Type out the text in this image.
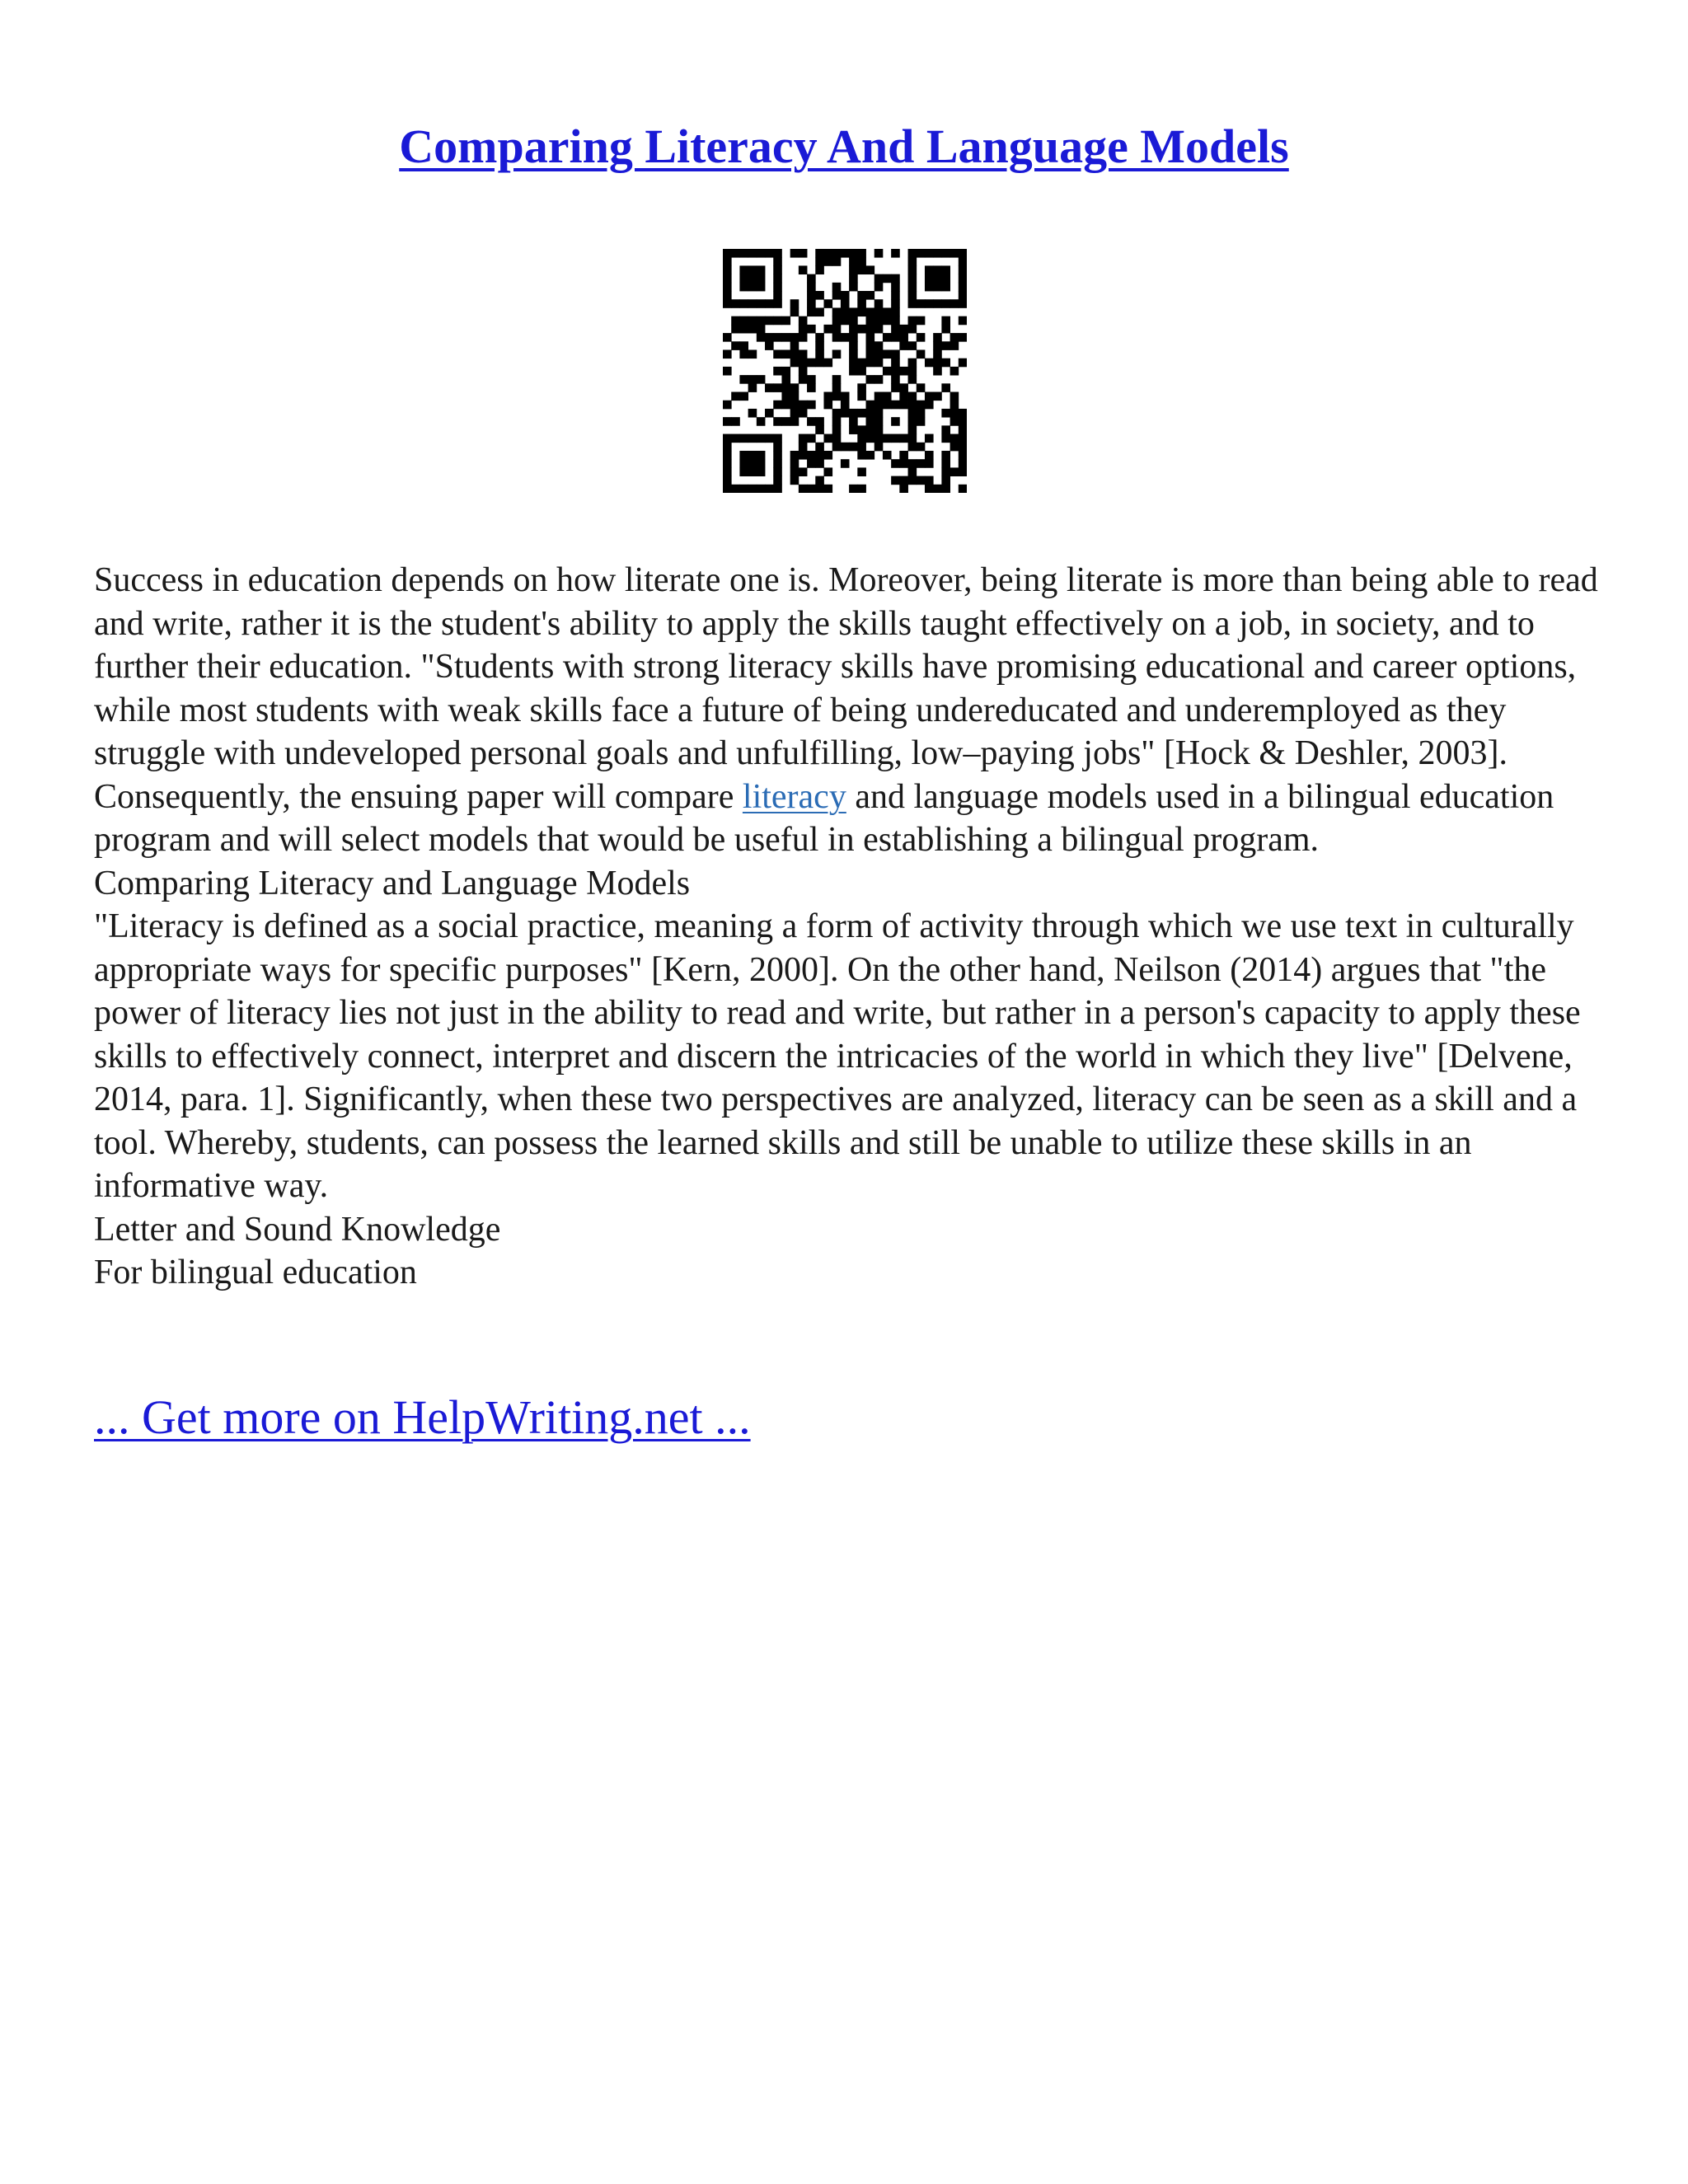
Comparing Literacy And Language Models

Success in education depends on how literate one is. Moreover, being literate is more than being able to read and write, rather it is the student's ability to apply the skills taught effectively on a job, in society, and to further their education. "Students with strong literacy skills have promising educational and career options, while most students with weak skills face a future of being undereducated and underemployed as they struggle with undeveloped personal goals and unfulfilling, low–paying jobs" [Hock & Deshler, 2003]. Consequently, the ensuing paper will compare literacy and language models used in a bilingual education program and will select models that would be useful in establishing a bilingual program.

Comparing Literacy and Language Models

"Literacy is defined as a social practice, meaning a form of activity through which we use text in culturally appropriate ways for specific purposes" [Kern, 2000]. On the other hand, Neilson (2014) argues that "the power of literacy lies not just in the ability to read and write, but rather in a person's capacity to apply these skills to effectively connect, interpret and discern the intricacies of the world in which they live" [Delvene, 2014, para. 1]. Significantly, when these two perspectives are analyzed, literacy can be seen as a skill and a tool. Whereby, students, can possess the learned skills and still be unable to utilize these skills in an informative way.

Letter and Sound Knowledge

For bilingual education

... Get more on HelpWriting.net ...
